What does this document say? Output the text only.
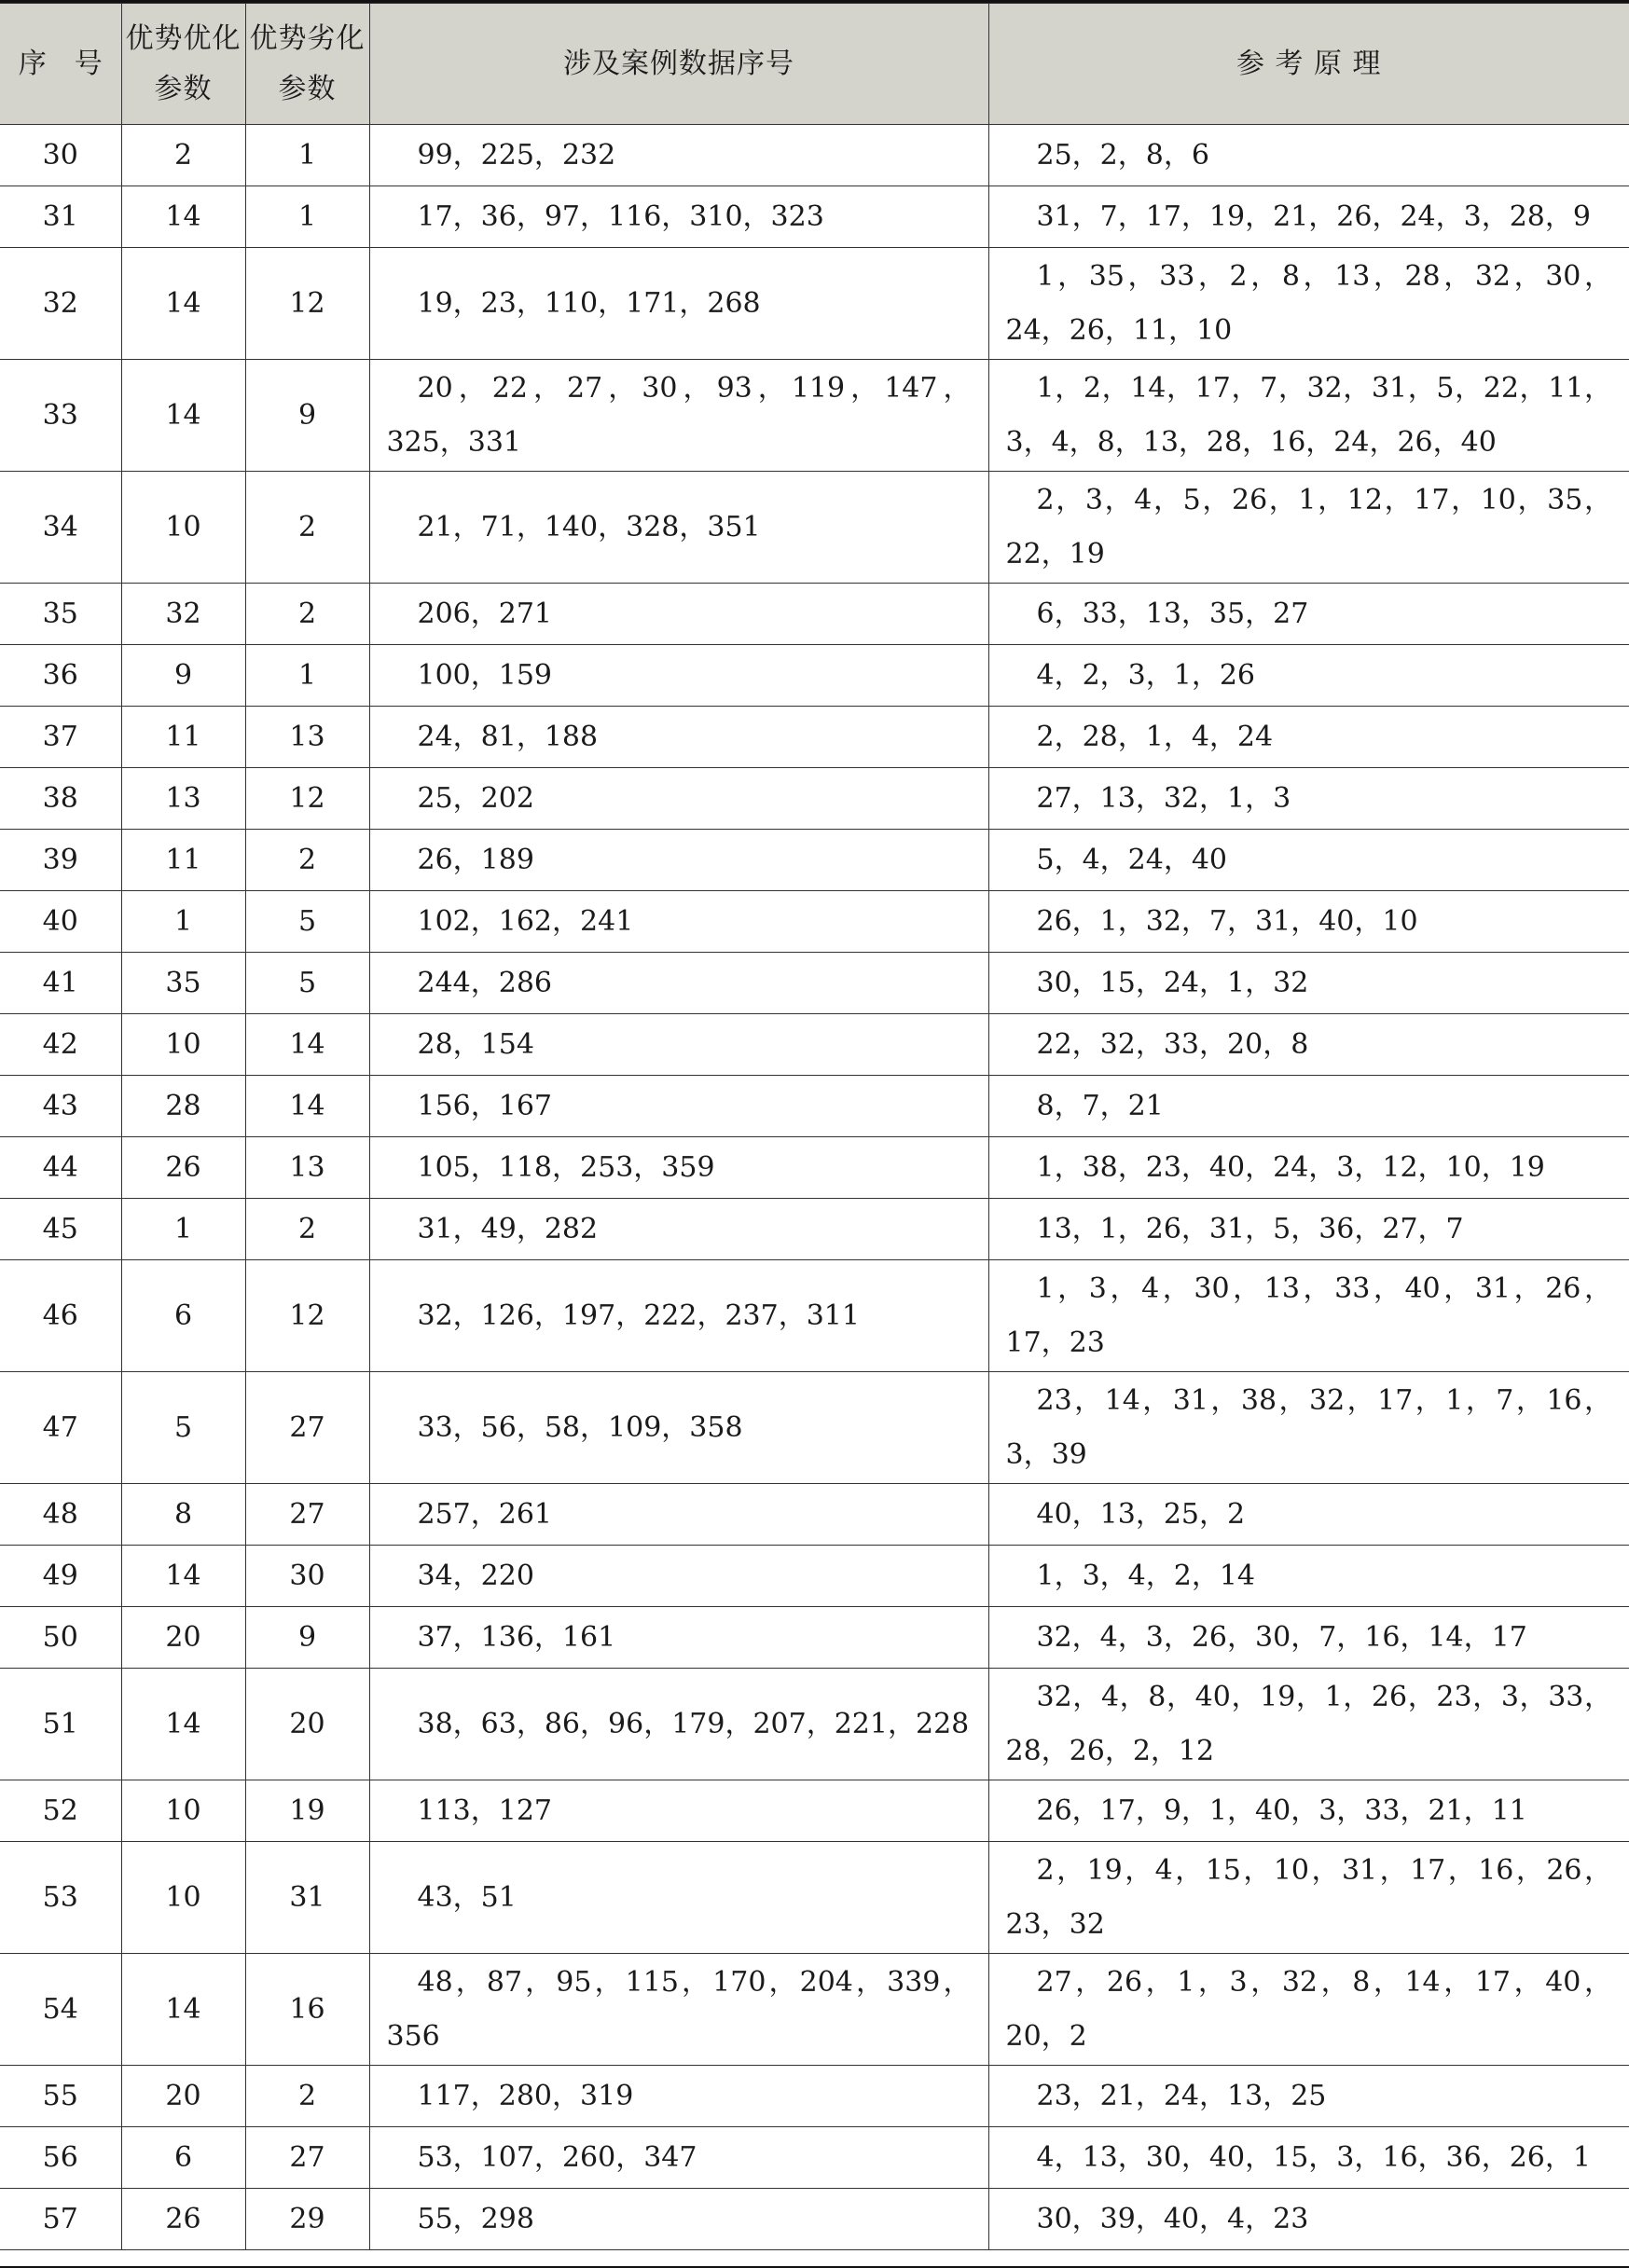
序　号	优势优化参数	优势劣化参数	涉及案例数据序号	参 考 原 理
30	2	1	99，225，232	25，2，8，6

31	14	1	17，36，97，116，310，323	31，7，17，19，21，26，24，3，28，9

32	14	12	19，23，110，171，268	1，35，33，2，8，13，28，32，30，24，26，11，10

33	14	9	20，22，27，30，93，119，147，325，331	1，2，14，17，7，32，31，5，22，11，3，4，8，13，28，16，24，26，40

34	10	2	21，71，140，328，351	2，3，4，5，26，1，12，17，10，35，22，19

35	32	2	206，271	6，33，13，35，27

36	9	1	100，159	4，2，3，1，26

37	11	13	24，81，188	2，28，1，4，24

38	13	12	25，202	27，13，32，1，3

39	11	2	26，189	5，4，24，40

40	1	5	102，162，241	26，1，32，7，31，40，10

41	35	5	244，286	30，15，24，1，32

42	10	14	28，154	22，32，33，20，8

43	28	14	156，167	8，7，21

44	26	13	105，118，253，359	1，38，23，40，24，3，12，10，19

45	1	2	31，49，282	13，1，26，31，5，36，27，7

46	6	12	32，126，197，222，237，311	1，3，4，30，13，33，40，31，26，17，23

47	5	27	33，56，58，109，358	23，14，31，38，32，17，1，7，16，3，39

48	8	27	257，261	40，13，25，2

49	14	30	34，220	1，3，4，2，14

50	20	9	37，136，161	32，4，3，26，30，7，16，14，17

51	14	20	38，63，86，96，179，207，221，228	32，4，8，40，19，1，26，23，3，33，28，26，2，12

52	10	19	113，127	26，17，9，1，40，3，33，21，11

53	10	31	43，51	2，19，4，15，10，31，17，16，26，23，32

54	14	16	48，87，95，115，170，204，339，356	27，26，1，3，32，8，14，17，40，20，2

55	20	2	117，280，319	23，21，24，13，25

56	6	27	53，107，260，347	4，13，30，40，15，3，16，36，26，1

57	26	29	55，298	30，39，40，4，23
